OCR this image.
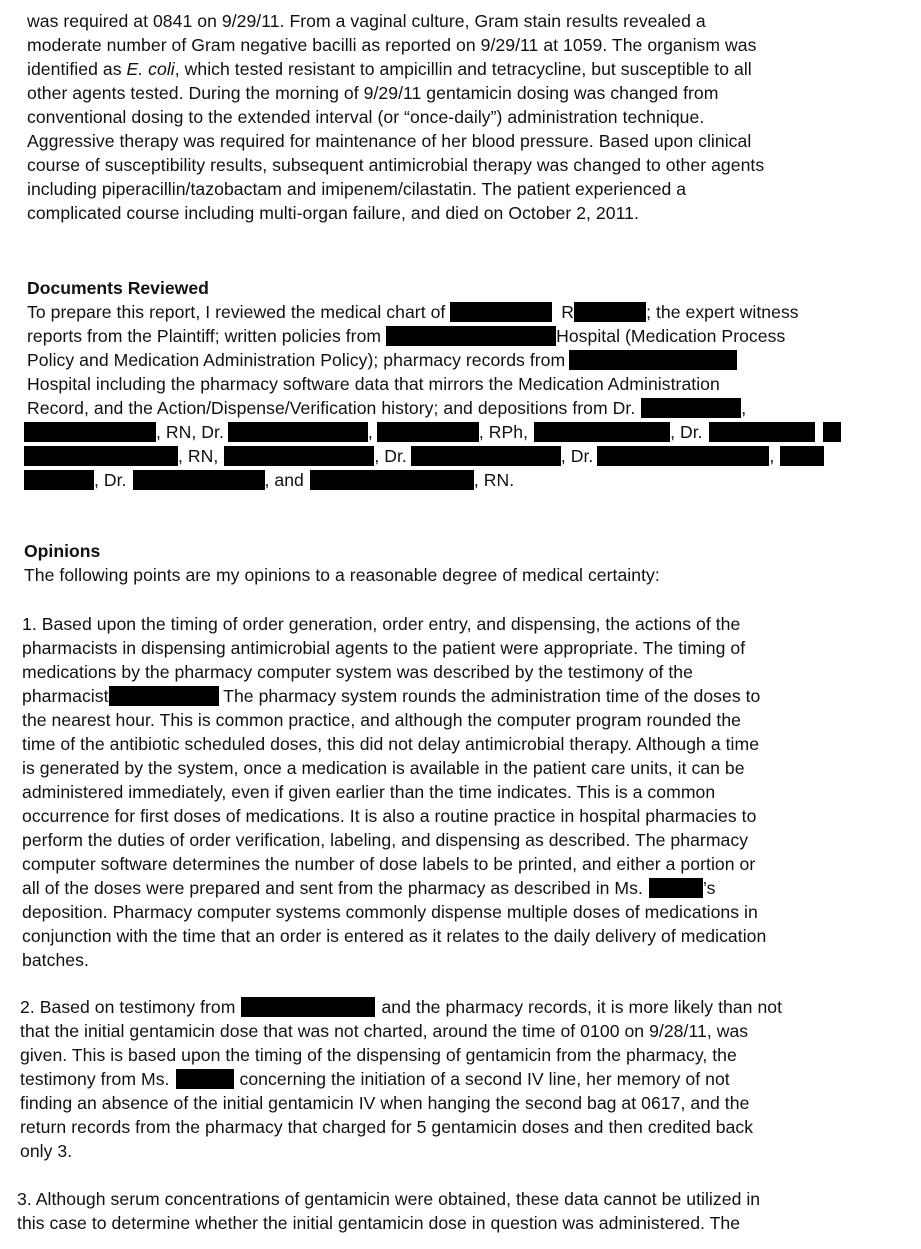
was required at 0841 on 9/29/11. From a vaginal culture, Gram stain results revealed a
moderate number of Gram negative bacilli as reported on 9/29/11 at 1059. The organism was
identified as E. coli, which tested resistant to ampicillin and tetracycline, but susceptible to all
other agents tested. During the morning of 9/29/11 gentamicin dosing was changed from
conventional dosing to the extended interval (or “once-daily”) administration technique.
Aggressive therapy was required for maintenance of her blood pressure. Based upon clinical
course of susceptibility results, subsequent antimicrobial therapy was changed to other agents
including piperacillin/tazobactam and imipenem/cilastatin. The patient experienced a
complicated course including multi-organ failure, and died on October 2, 2011.
Documents Reviewed
To prepare this report, I reviewed the medical chart of	R	; the expert witness
reports from the Plaintiff; written policies from	Hospital (Medication Process
Policy and Medication Administration Policy); pharmacy records from
Hospital including the pharmacy software data that mirrors the Medication Administration
Record, and the Action/Dispense/Verification history; and depositions from Dr.	,
, RN, Dr.	,	, RPh,	, Dr.
, RN,	, Dr.	, Dr.	,
, Dr.	, and	, RN.
Opinions
The following points are my opinions to a reasonable degree of medical certainty:
1. Based upon the timing of order generation, order entry, and dispensing, the actions of the
pharmacists in dispensing antimicrobial agents to the patient were appropriate. The timing of
medications by the pharmacy computer system was described by the testimony of the
pharmacist	The pharmacy system rounds the administration time of the doses to
the nearest hour. This is common practice, and although the computer program rounded the
time of the antibiotic scheduled doses, this did not delay antimicrobial therapy. Although a time
is generated by the system, once a medication is available in the patient care units, it can be
administered immediately, even if given earlier than the time indicates. This is a common
occurrence for first doses of medications. It is also a routine practice in hospital pharmacies to
perform the duties of order verification, labeling, and dispensing as described. The pharmacy
computer software determines the number of dose labels to be printed, and either a portion or
all of the doses were prepared and sent from the pharmacy as described in Ms.	’s
deposition. Pharmacy computer systems commonly dispense multiple doses of medications in
conjunction with the time that an order is entered as it relates to the daily delivery of medication
batches.
2. Based on testimony from	and the pharmacy records, it is more likely than not
that the initial gentamicin dose that was not charted, around the time of 0100 on 9/28/11, was
given. This is based upon the timing of the dispensing of gentamicin from the pharmacy, the
testimony from Ms.	concerning the initiation of a second IV line, her memory of not
finding an absence of the initial gentamicin IV when hanging the second bag at 0617, and the
return records from the pharmacy that charged for 5 gentamicin doses and then credited back
only 3.
3. Although serum concentrations of gentamicin were obtained, these data cannot be utilized in
this case to determine whether the initial gentamicin dose in question was administered. The
